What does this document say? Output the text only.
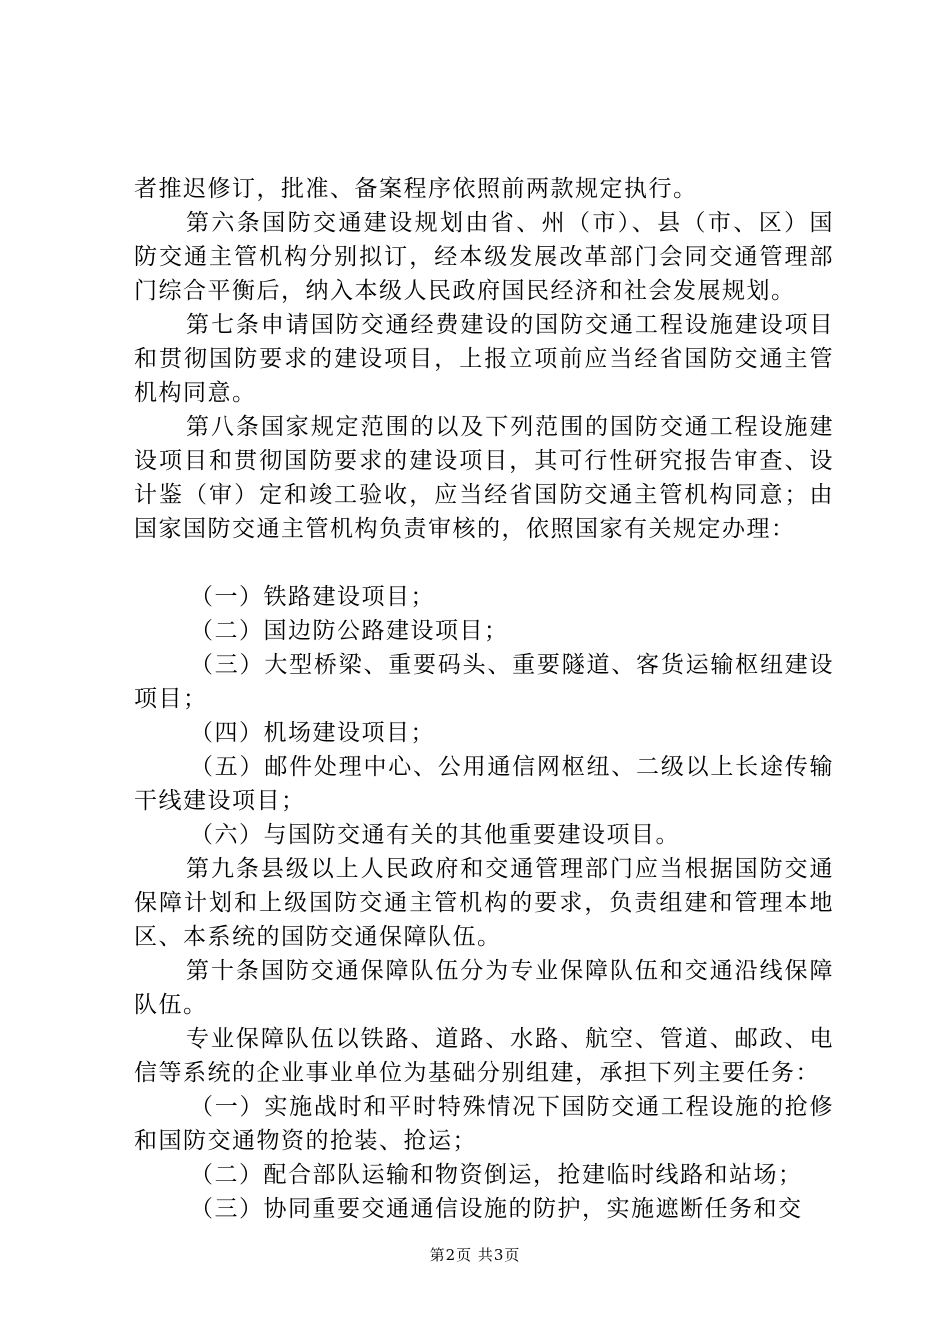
者推迟修订，批准、备案程序依照前两款规定执行。

第六条国防交通建设规划由省、州（市）、县（市、区）国防交通主管机构分别拟订，经本级发展改革部门会同交通管理部门综合平衡后，纳入本级人民政府国民经济和社会发展规划。

第七条申请国防交通经费建设的国防交通工程设施建设项目和贯彻国防要求的建设项目，上报立项前应当经省国防交通主管机构同意。

第八条国家规定范围的以及下列范围的国防交通工程设施建设项目和贯彻国防要求的建设项目，其可行性研究报告审查、设计鉴（审）定和竣工验收，应当经省国防交通主管机构同意；由国家国防交通主管机构负责审核的，依照国家有关规定办理：

（一）铁路建设项目；

（二）国边防公路建设项目；

（三）大型桥梁、重要码头、重要隧道、客货运输枢纽建设项目；

（四）机场建设项目；

（五）邮件处理中心、公用通信网枢纽、二级以上长途传输干线建设项目；

（六）与国防交通有关的其他重要建设项目。

第九条县级以上人民政府和交通管理部门应当根据国防交通保障计划和上级国防交通主管机构的要求，负责组建和管理本地区、本系统的国防交通保障队伍。

第十条国防交通保障队伍分为专业保障队伍和交通沿线保障队伍。

专业保障队伍以铁路、道路、水路、航空、管道、邮政、电信等系统的企业事业单位为基础分别组建，承担下列主要任务：

（一）实施战时和平时特殊情况下国防交通工程设施的抢修和国防交通物资的抢装、抢运；

（二）配合部队运输和物资倒运，抢建临时线路和站场；

（三）协同重要交通通信设施的防护，实施遮断任务和交

第2页 共3页
